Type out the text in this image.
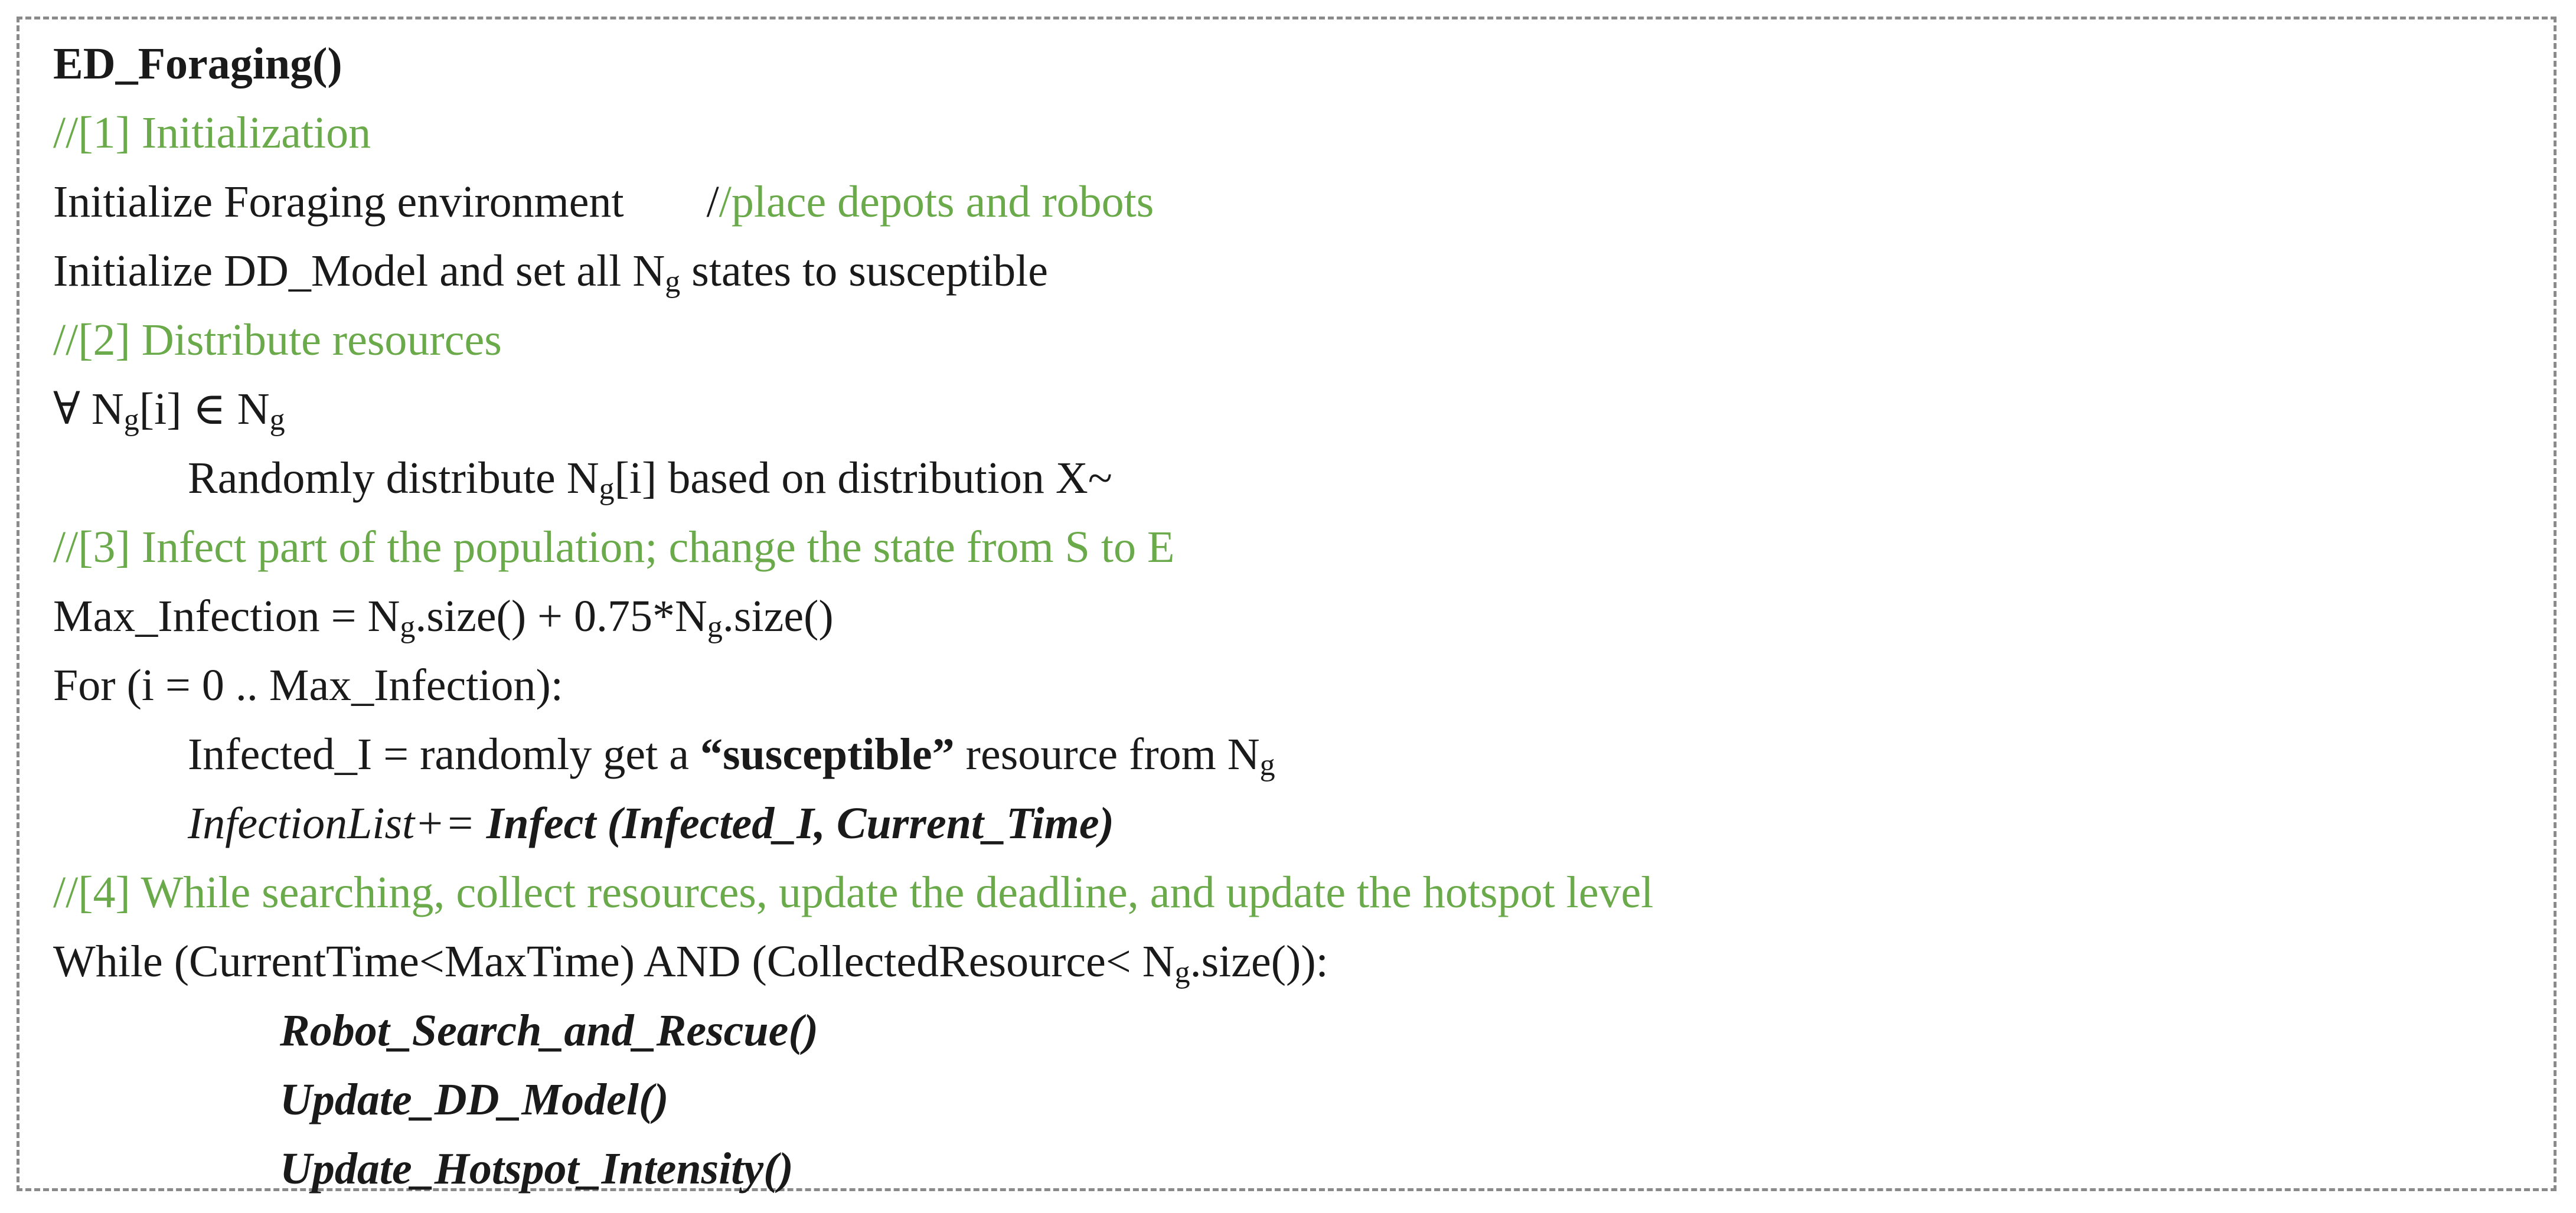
ED_Foraging()
//[1] Initialization
Initialize Foraging environment //place depots and robots
Initialize DD_Model and set all Ng states to susceptible
//[2] Distribute resources
∀ Ng[i] ∈ Ng
Randomly distribute Ng[i] based on distribution X~
//[3] Infect part of the population; change the state from S to E
Max_Infection = Ng.size() + 0.75*Ng.size()
For (i = 0 .. Max_Infection):
Infected_I = randomly get a “susceptible” resource from Ng
InfectionList+= Infect (Infected_I, Current_Time)
//[4] While searching, collect resources, update the deadline, and update the hotspot level
While (CurrentTime<MaxTime) AND (CollectedResource< Ng.size()):
Robot_Search_and_Rescue()
Update_DD_Model()
Update_Hotspot_Intensity()
